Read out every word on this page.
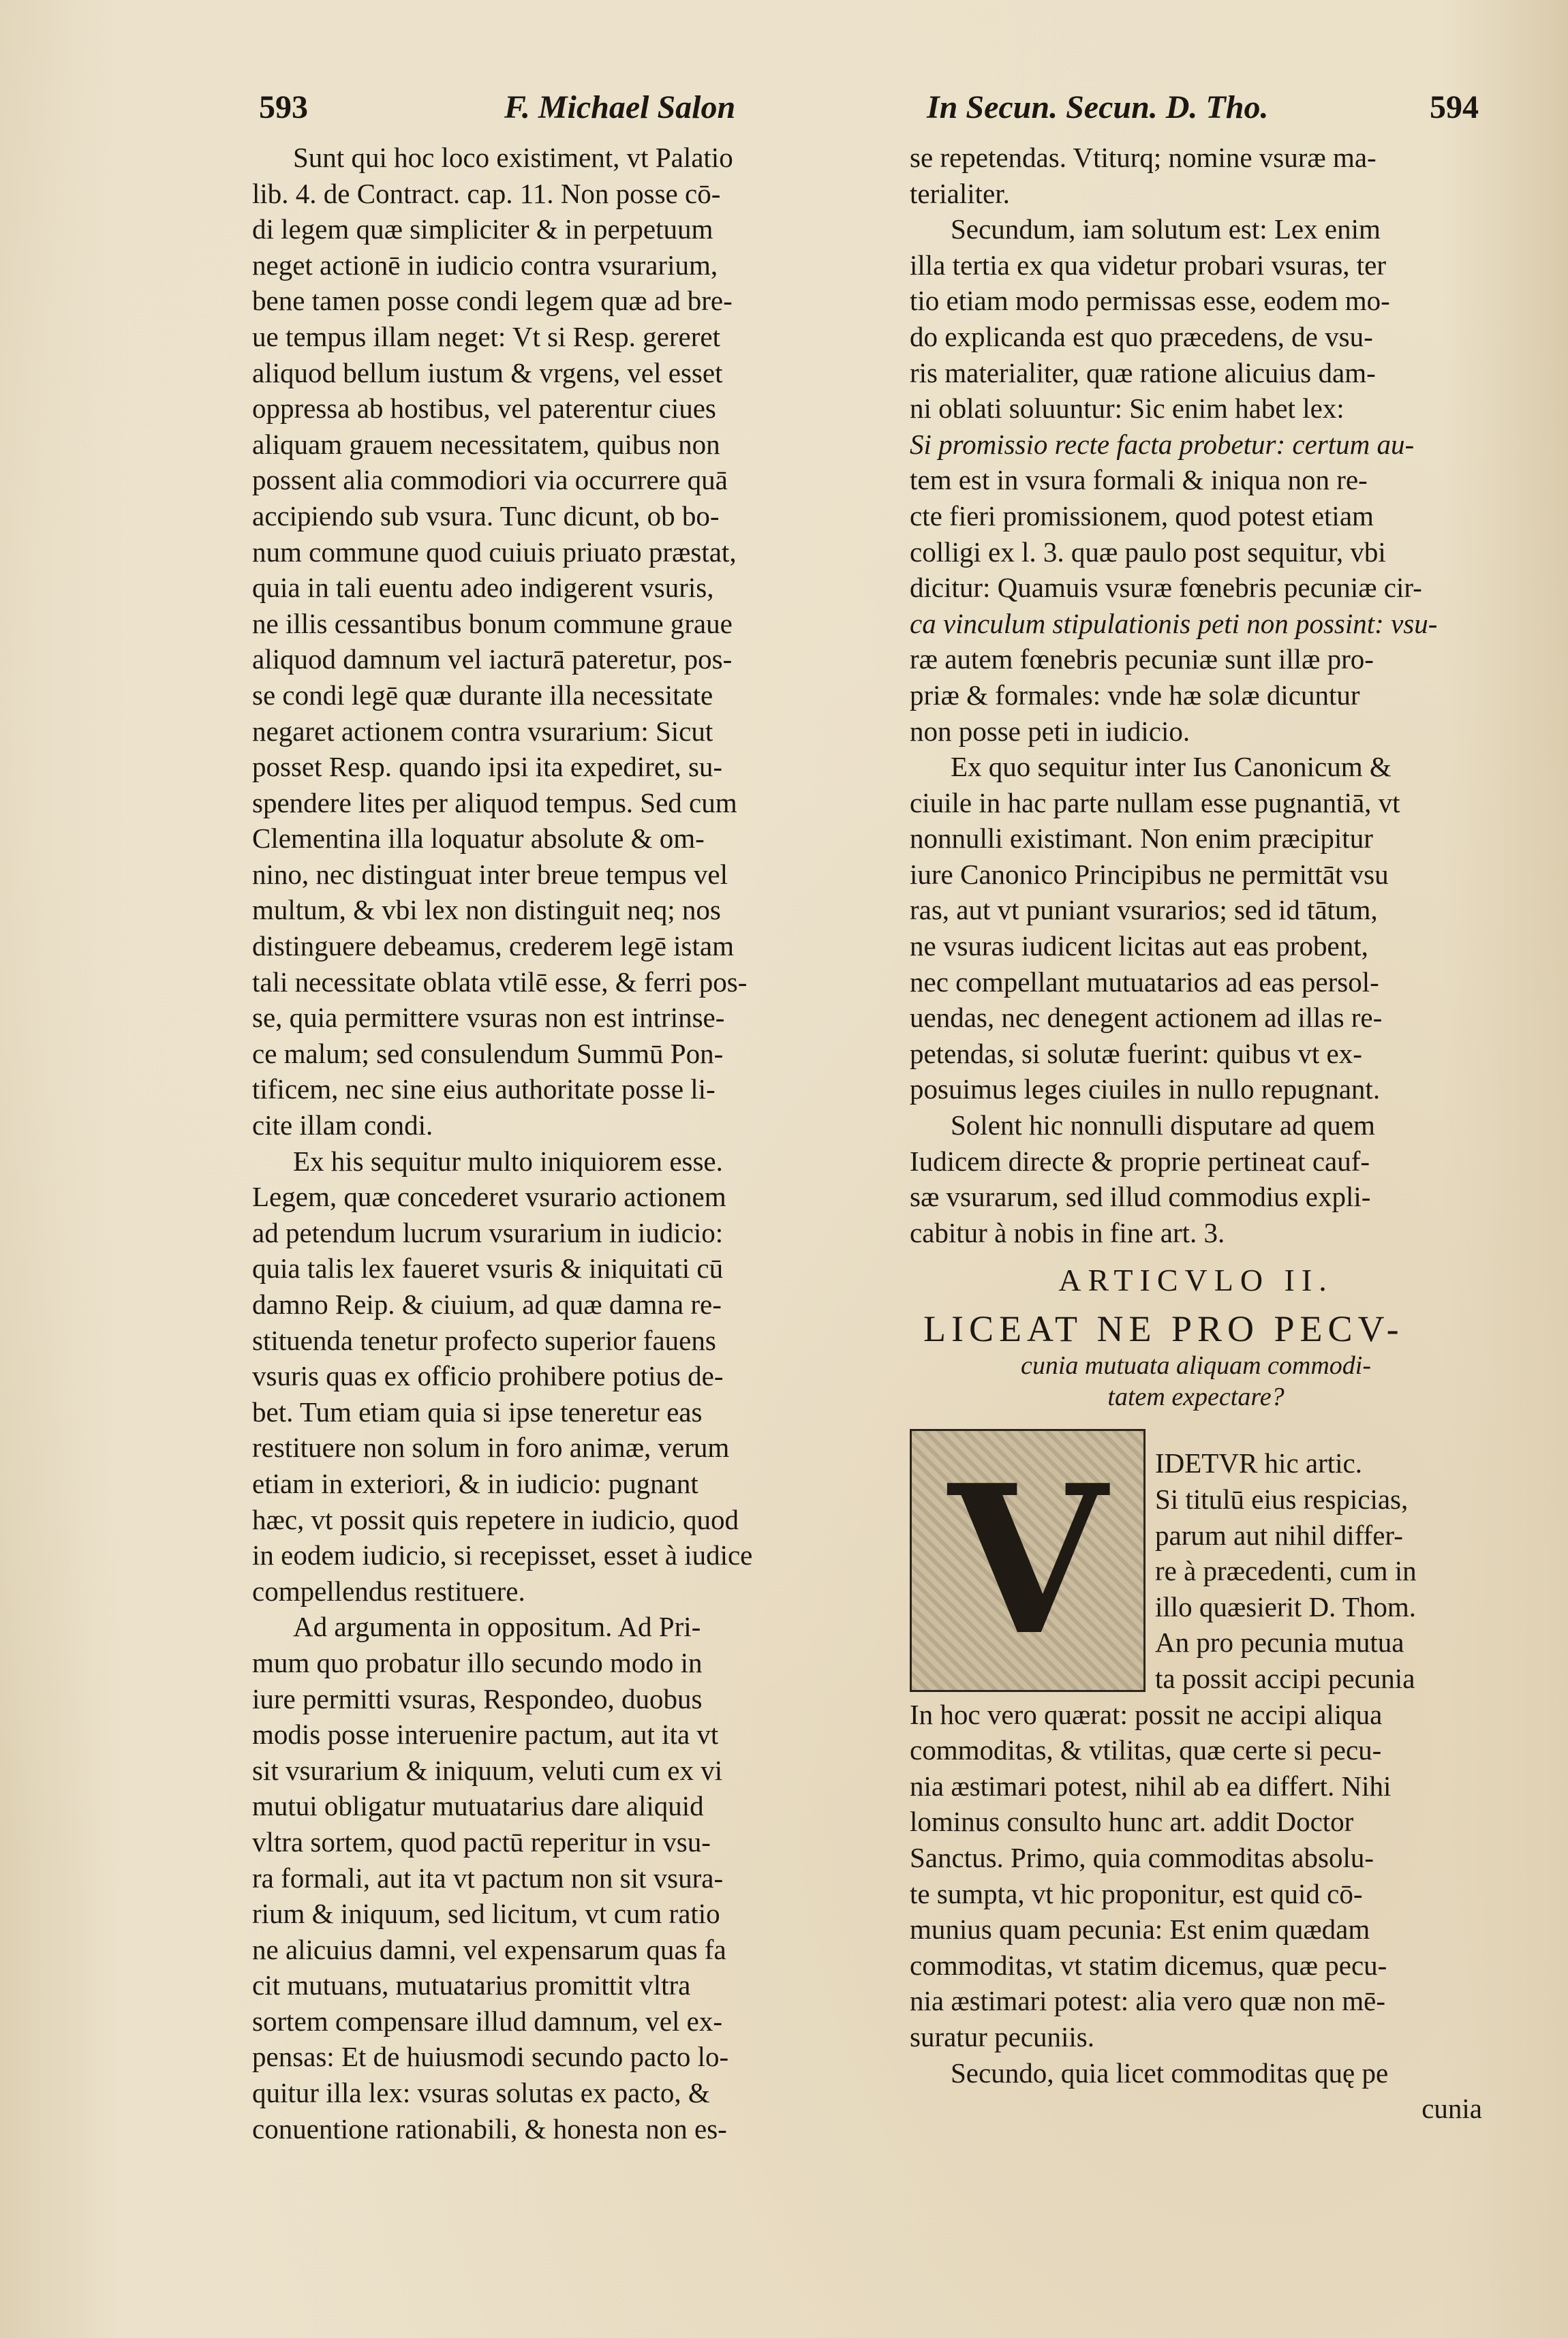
593	F. Michael Salon	In Secun. Secun. D. Tho.	594
Sunt qui hoc loco existiment, vt Palatio
lib. 4. de Contract. cap. 11. Non posse cō-
di legem quæ simpliciter & in perpetuum
neget actionē in iudicio contra vsurarium,
bene tamen posse condi legem quæ ad bre-
ue tempus illam neget: Vt si Resp. gereret
aliquod bellum iustum & vrgens, vel esset
oppressa ab hostibus, vel paterentur ciues
aliquam grauem necessitatem, quibus non
possent alia commodiori via occurrere quā
accipiendo sub vsura. Tunc dicunt, ob bo-
num commune quod cuiuis priuato præstat,
quia in tali euentu adeo indigerent vsuris,
ne illis cessantibus bonum commune graue
aliquod damnum vel iacturā pateretur, pos-
se condi legē quæ durante illa necessitate
negaret actionem contra vsurarium: Sicut
posset Resp. quando ipsi ita expediret, su-
spendere lites per aliquod tempus. Sed cum
Clementina illa loquatur absolute & om-
nino, nec distinguat inter breue tempus vel
multum, & vbi lex non distinguit neq; nos
distinguere debeamus, crederem legē istam
tali necessitate oblata vtilē esse, & ferri pos-
se, quia permittere vsuras non est intrinse-
ce malum; sed consulendum Summū Pon-
tificem, nec sine eius authoritate posse li-
cite illam condi.
Ex his sequitur multo iniquiorem esse.
Legem, quæ concederet vsurario actionem
ad petendum lucrum vsurarium in iudicio:
quia talis lex faueret vsuris & iniquitati cū
damno Reip. & ciuium, ad quæ damna re-
stituenda tenetur profecto superior fauens
vsuris quas ex officio prohibere potius de-
bet. Tum etiam quia si ipse teneretur eas
restituere non solum in foro animæ, verum
etiam in exteriori, & in iudicio: pugnant
hæc, vt possit quis repetere in iudicio, quod
in eodem iudicio, si recepisset, esset à iudice
compellendus restituere.
Ad argumenta in oppositum. Ad Pri-
mum quo probatur illo secundo modo in
iure permitti vsuras, Respondeo, duobus
modis posse interuenire pactum, aut ita vt
sit vsurarium & iniquum, veluti cum ex vi
mutui obligatur mutuatarius dare aliquid
vltra sortem, quod pactū reperitur in vsu-
ra formali, aut ita vt pactum non sit vsura-
rium & iniquum, sed licitum, vt cum ratio
ne alicuius damni, vel expensarum quas fa
cit mutuans, mutuatarius promittit vltra
sortem compensare illud damnum, vel ex-
pensas: Et de huiusmodi secundo pacto lo-
quitur illa lex: vsuras solutas ex pacto, &
conuentione rationabili, & honesta non es-
se repetendas. Vtiturq; nomine vsuræ ma-
terialiter.
Secundum, iam solutum est: Lex enim
illa tertia ex qua videtur probari vsuras, ter
tio etiam modo permissas esse, eodem mo-
do explicanda est quo præcedens, de vsu-
ris materialiter, quæ ratione alicuius dam-
ni oblati soluuntur: Sic enim habet lex:
Si promissio recte facta probetur: certum au-
tem est in vsura formali & iniqua non re-
cte fieri promissionem, quod potest etiam
colligi ex l. 3. quæ paulo post sequitur, vbi
dicitur: Quamuis vsuræ fœnebris pecuniæ cir-
ca vinculum stipulationis peti non possint: vsu-
ræ autem fœnebris pecuniæ sunt illæ pro-
priæ & formales: vnde hæ solæ dicuntur
non posse peti in iudicio.
Ex quo sequitur inter Ius Canonicum &
ciuile in hac parte nullam esse pugnantiā, vt
nonnulli existimant. Non enim præcipitur
iure Canonico Principibus ne permittāt vsu
ras, aut vt puniant vsurarios; sed id tātum,
ne vsuras iudicent licitas aut eas probent,
nec compellant mutuatarios ad eas persol-
uendas, nec denegent actionem ad illas re-
petendas, si solutæ fuerint: quibus vt ex-
posuimus leges ciuiles in nullo repugnant.
Solent hic nonnulli disputare ad quem
Iudicem directe & proprie pertineat cauf-
sæ vsurarum, sed illud commodius expli-
cabitur à nobis in fine art. 3.
ARTICVLO II.
LICEAT NE PRO PECV-
cunia mutuata aliquam commodi-
tatem expectare?
V	IDETVR hic artic.
Si titulū eius respicias,
parum aut nihil differ-
re à præcedenti, cum in
illo quæsierit D. Thom.
An pro pecunia mutua
ta possit accipi pecunia
In hoc vero quærat: possit ne accipi aliqua
commoditas, & vtilitas, quæ certe si pecu-
nia æstimari potest, nihil ab ea differt. Nihi
lominus consulto hunc art. addit Doctor
Sanctus. Primo, quia commoditas absolu-
te sumpta, vt hic proponitur, est quid cō-
munius quam pecunia: Est enim quædam
commoditas, vt statim dicemus, quæ pecu-
nia æstimari potest: alia vero quæ non mē-
suratur pecuniis.
Secundo, quia licet commoditas quę pe
cunia
